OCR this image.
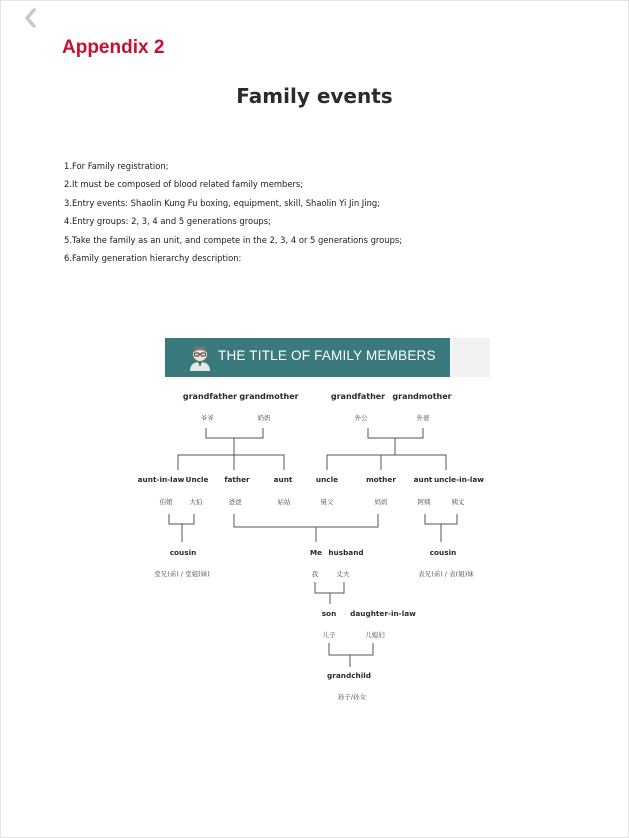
Appendix 2
Family events
1.For Family registration;
2.It must be composed of blood related family members;
3.Entry events: Shaolin Kung Fu boxing, equipment, skill, Shaolin Yi Jin Jing;
4.Entry groups: 2, 3, 4 and 5 generations groups;
5.Take the family as an unit, and compete in the 2, 3, 4 or 5 generations groups;
6.Family generation hierarchy description:
THE TITLE OF FAMILY MEMBERS
grandfather
爷爷
grandmother
奶奶
grandfather
外公
grandmother
外婆
aunt-in-law
伯娘
Uncle
大伯
father
爸爸
aunt
姑姑
uncle
舅父
mother
妈妈
aunt
阿姨
uncle-in-law
姨丈
cousin
堂兄(弟) / 堂姐(妹)
Me
我
husband
丈夫
cousin
表兄(弟) / 表(姐)妹
son
儿子
daughter-in-law
儿媳妇
grandchild
孙子/孙女
